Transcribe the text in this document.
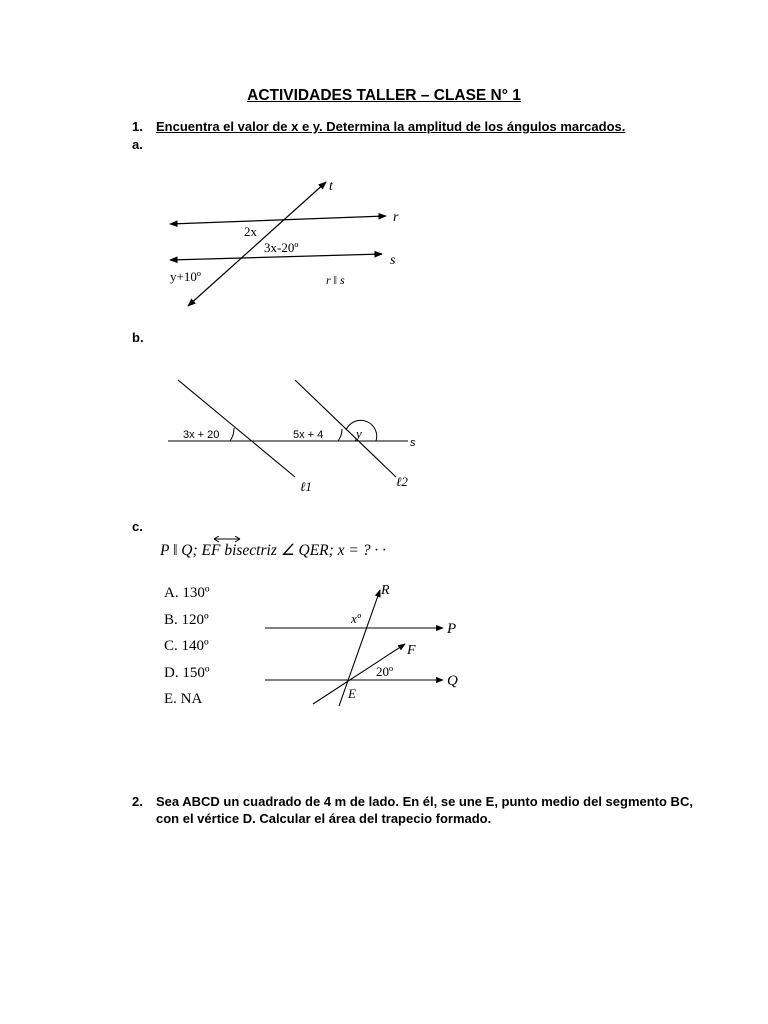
ACTIVIDADES TALLER – CLASE N° 1
1. Encuentra el valor de x e y. Determina la amplitud de los ángulos marcados.
a.
t
r
s
2x
3x-20º
y+10º	r ǁ s
b.
3x + 20	5x + 4	y
s
ℓ1	ℓ2
c.
P ǁ Q; EF bisectriz ∠ QER; x = ? · ·
A. 130º
B. 120º
C. 140º
D. 150º
E. NA
R
P
F
Q
E
xº
20º
2. Sea ABCD un cuadrado de 4 m de lado. En él, se une E, punto medio del segmento BC,
con el vértice D. Calcular el área del trapecio formado.
